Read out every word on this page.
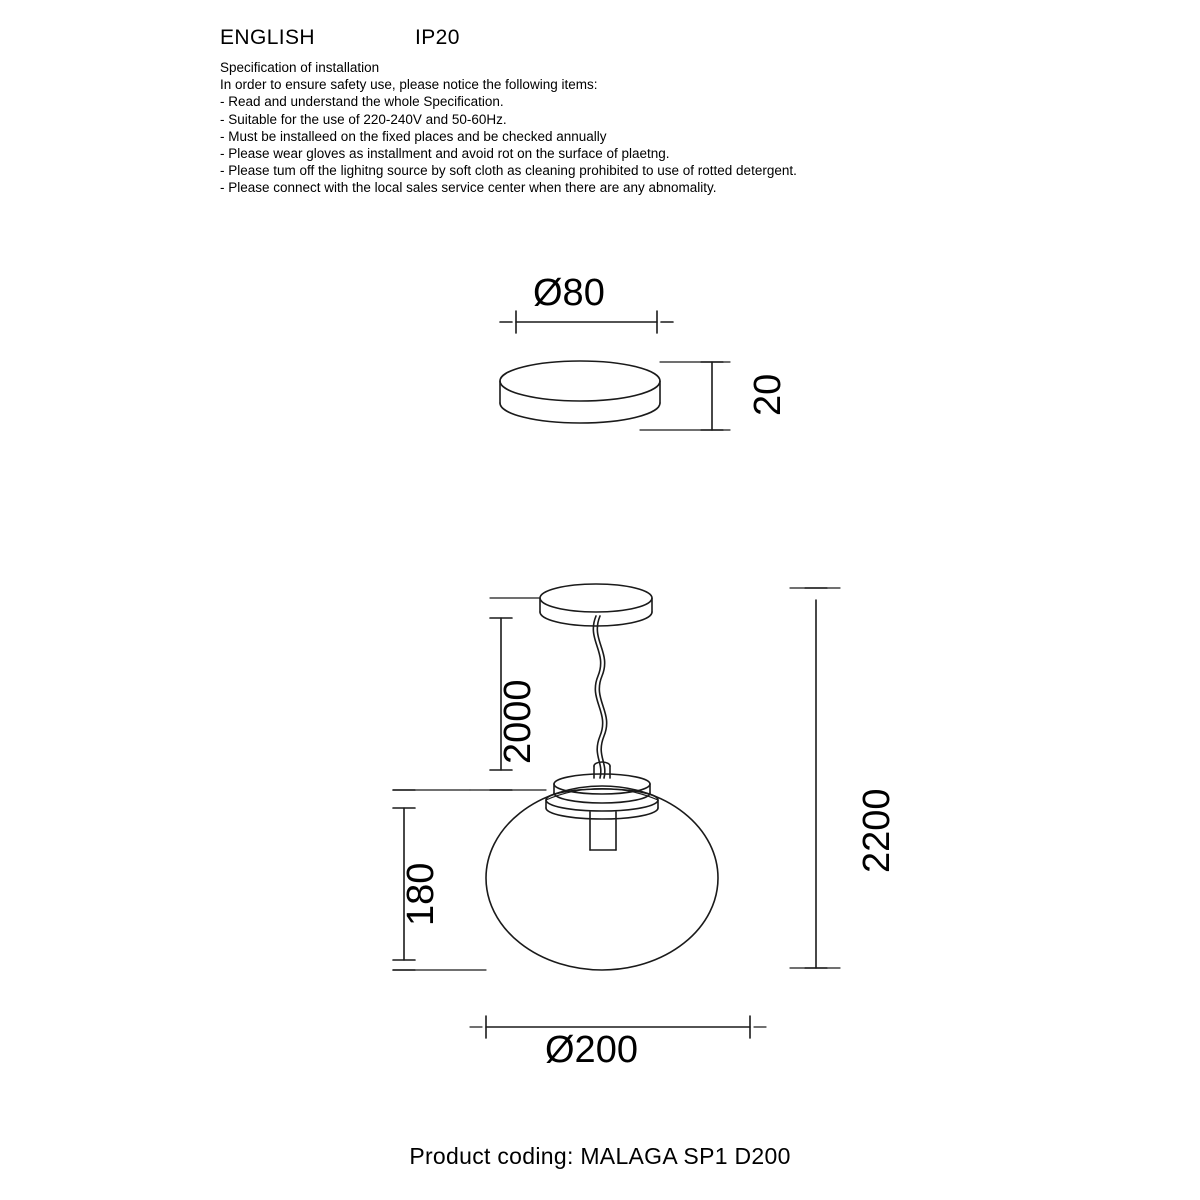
ENGLISH	IP20
Specification of installation
In order to ensure safety use, please notice the following items:
- Read and understand the whole Specification.
- Suitable for the use of 220-240V and 50-60Hz.
- Must be installeed on the fixed places and be checked annually
- Please wear gloves as installment and avoid rot on the surface of plaetng.
- Please tum off the lighitng source by soft cloth as cleaning prohibited to use of rotted detergent.
- Please connect with the local sales service center when there are any abnomality.
Ø80
20
2000
180
2200
Ø200
Product coding: MALAGA SP1 D200
